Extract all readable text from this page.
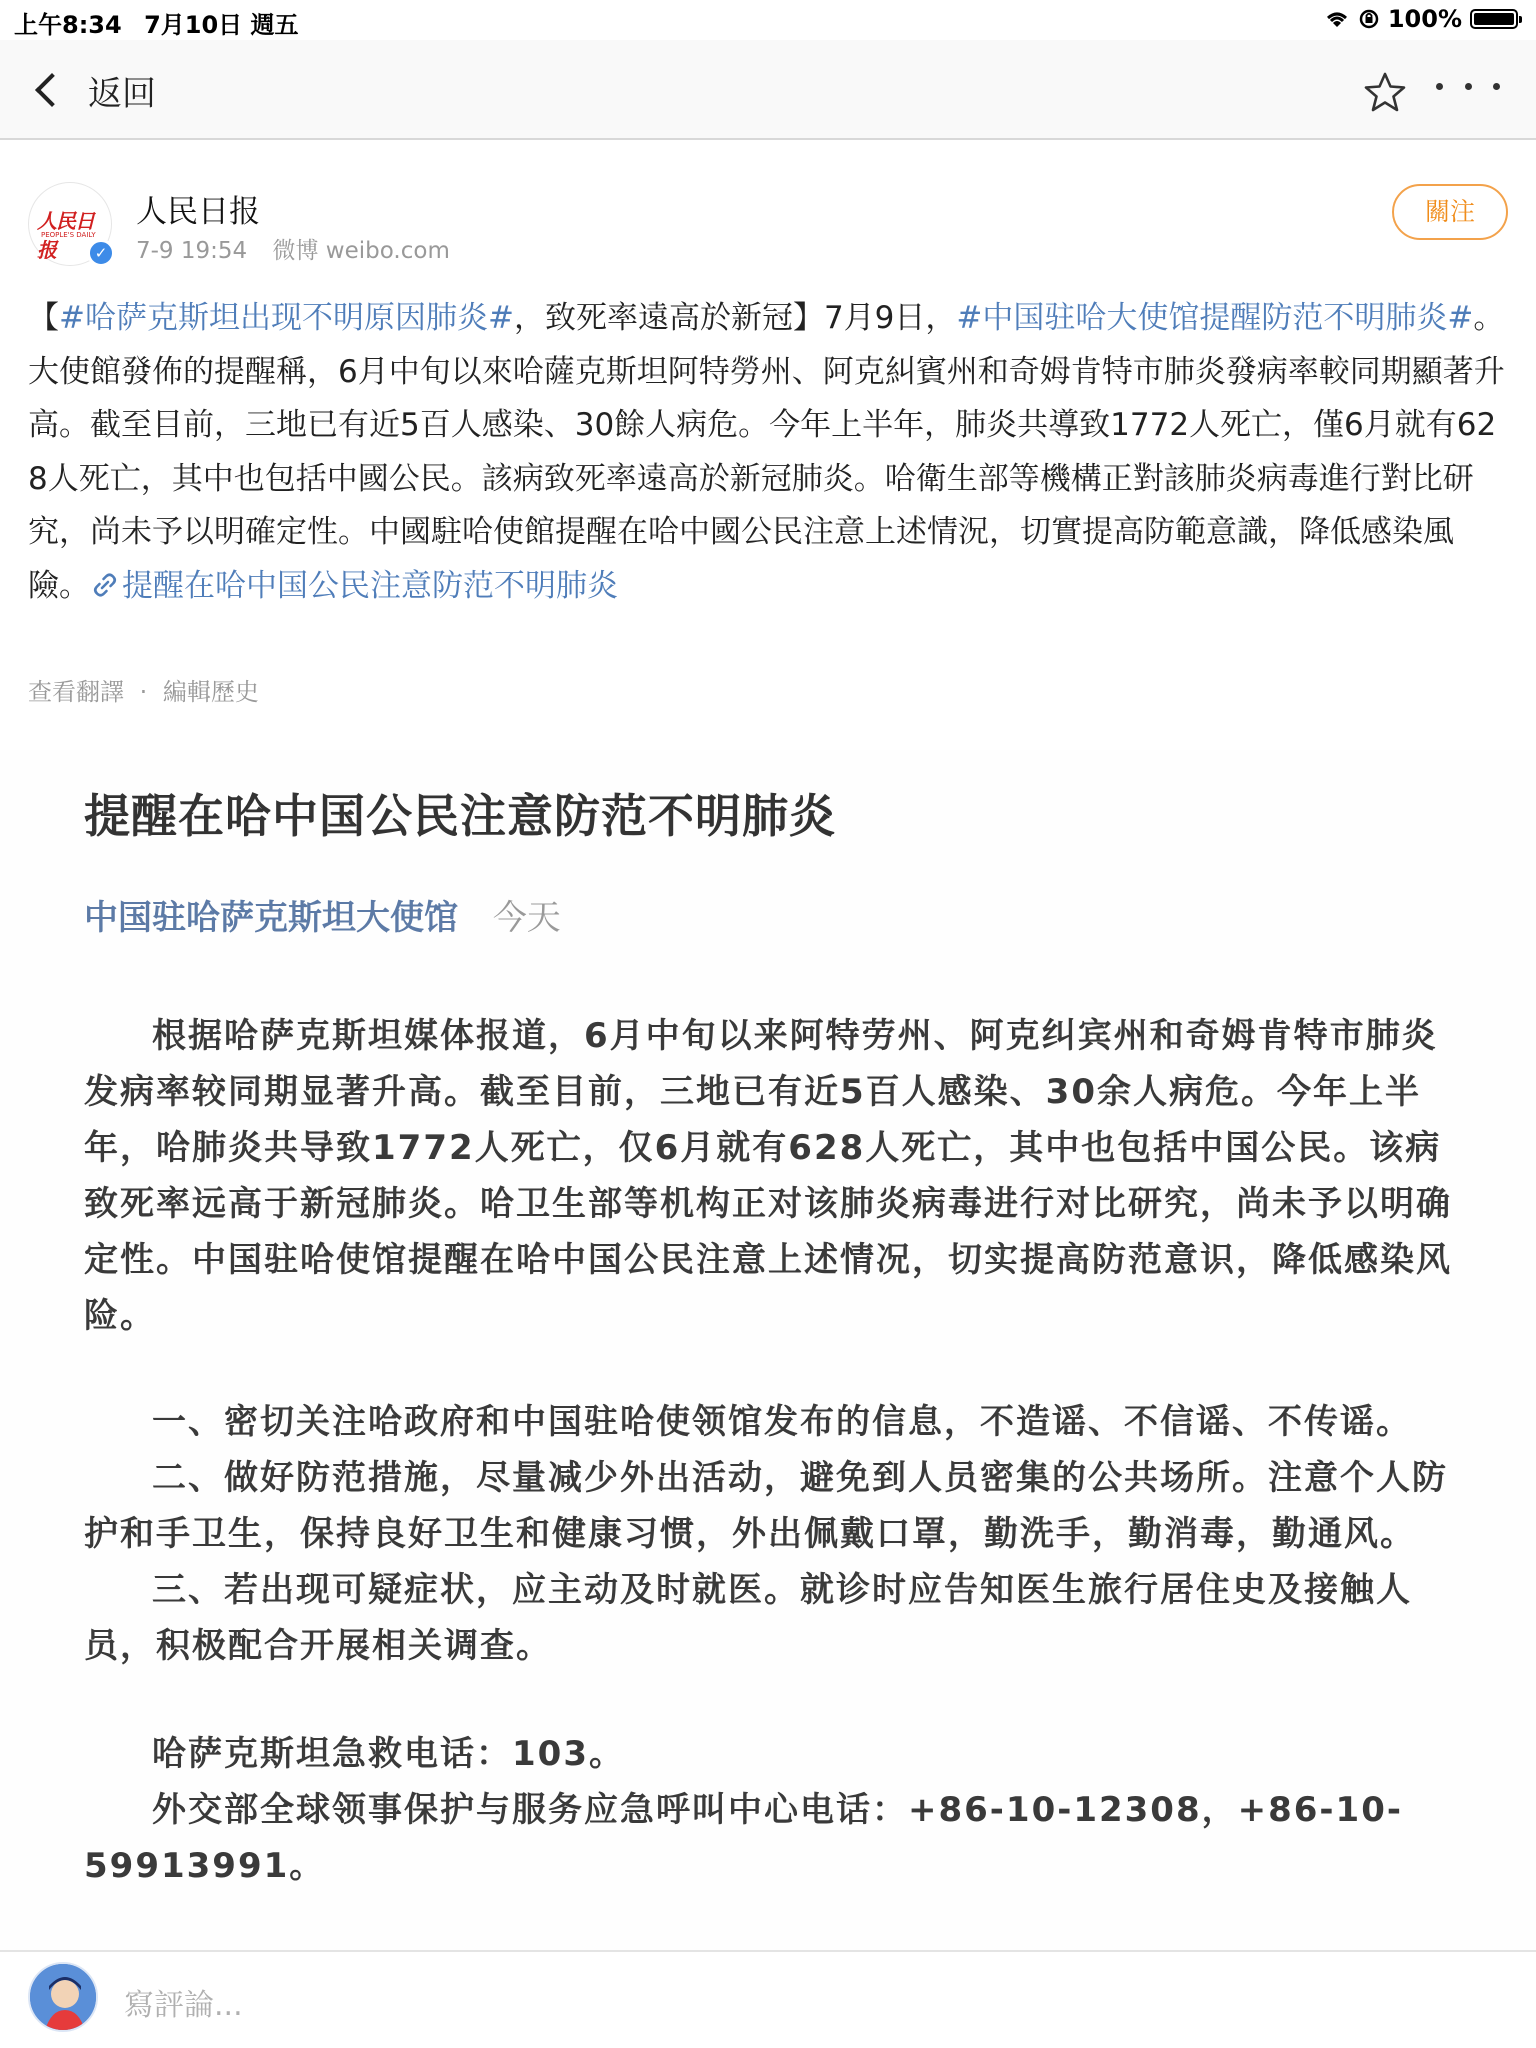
上午8:34 7月10日 週五	100%
返回
人民日报
PEOPLE'S DAILY
✓
人民日报
7-9 19:54 微博 weibo.com
關注
【#哈萨克斯坦出现不明原因肺炎#，致死率遠高於新冠】7月9日，#中国驻哈大使馆提醒防范不明肺炎#。大使館發佈的提醒稱，6月中旬以來哈薩克斯坦阿特勞州、阿克糾賓州和奇姆肯特市肺炎發病率較同期顯著升高。截至目前，三地已有近5百人感染、30餘人病危。今年上半年，肺炎共導致1772人死亡，僅6月就有628人死亡，其中也包括中國公民。該病致死率遠高於新冠肺炎。哈衛生部等機構正對該肺炎病毒進行對比研究，尚未予以明確定性。中國駐哈使館提醒在哈中國公民注意上述情況，切實提高防範意識，降低感染風險。 提醒在哈中国公民注意防范不明肺炎
查看翻譯 · 編輯歷史
提醒在哈中国公民注意防范不明肺炎
中国驻哈萨克斯坦大使馆 今天

根据哈萨克斯坦媒体报道，6月中旬以来阿特劳州、阿克纠宾州和奇姆肯特市肺炎发病率较同期显著升高。截至目前，三地已有近5百人感染、30余人病危。今年上半年，哈肺炎共导致1772人死亡，仅6月就有628人死亡，其中也包括中国公民。该病致死率远高于新冠肺炎。哈卫生部等机构正对该肺炎病毒进行对比研究，尚未予以明确定性。中国驻哈使馆提醒在哈中国公民注意上述情况，切实提高防范意识，降低感染风险。

一、密切关注哈政府和中国驻哈使领馆发布的信息，不造谣、不信谣、不传谣。

二、做好防范措施，尽量减少外出活动，避免到人员密集的公共场所。注意个人防护和手卫生，保持良好卫生和健康习惯，外出佩戴口罩，勤洗手，勤消毒，勤通风。

三、若出现可疑症状，应主动及时就医。就诊时应告知医生旅行居住史及接触人员，积极配合开展相关调查。

哈萨克斯坦急救电话：103。

外交部全球领事保护与服务应急呼叫中心电话：+86-10-12308，+86-10-59913991。

寫評論...
